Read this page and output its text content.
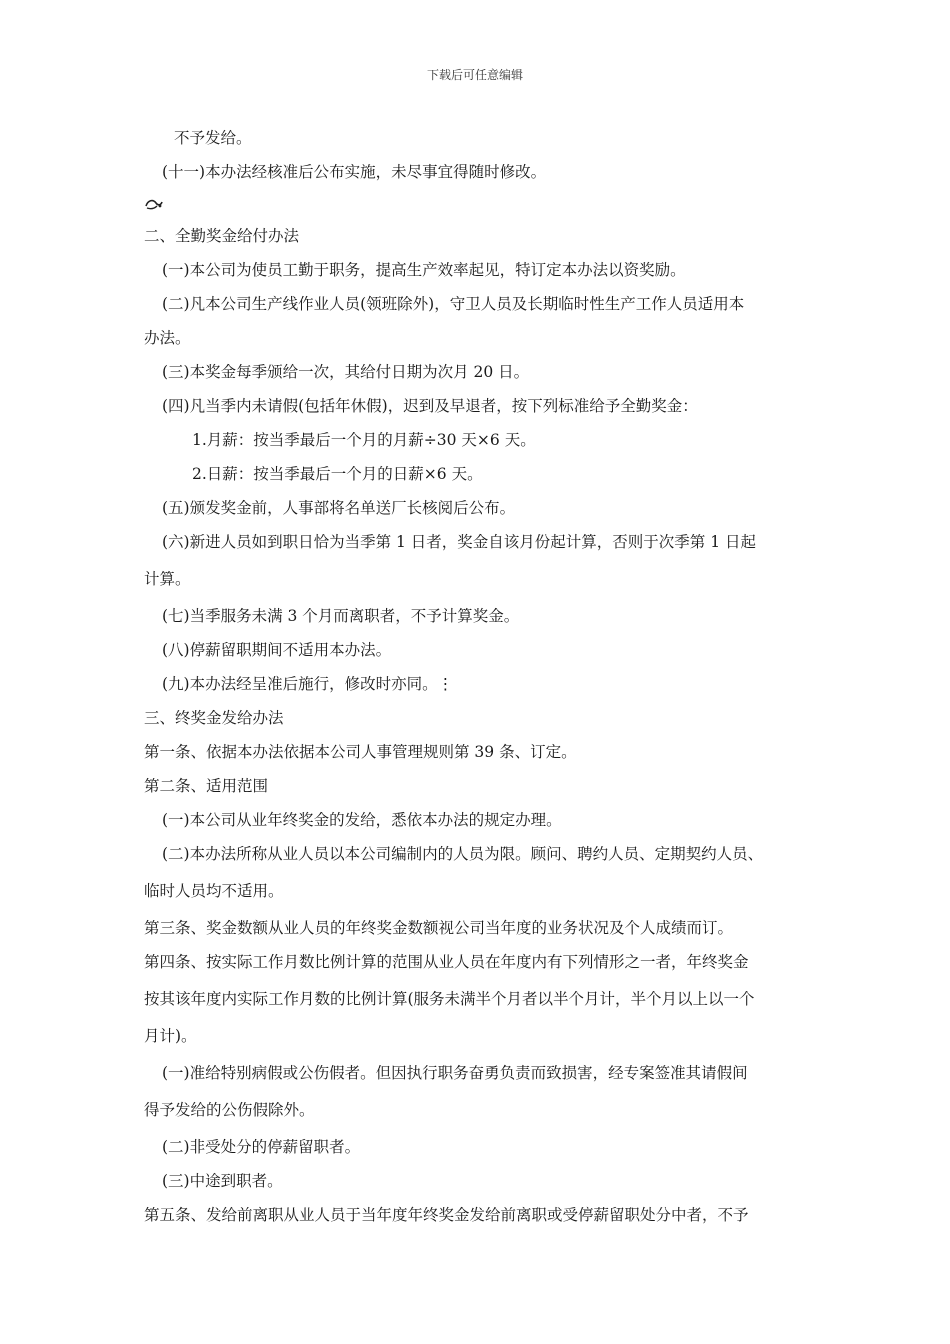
下载后可任意编辑
不予发给。
(十一)本办法经核准后公布实施，未尽事宜得随时修改。
二、全勤奖金给付办法
(一)本公司为使员工勤于职务，提高生产效率起见，特订定本办法以资奖励。
(二)凡本公司生产线作业人员(领班除外)，守卫人员及长期临时性生产工作人员适用本
办法。
(三)本奖金每季颁给一次，其给付日期为次月 20 日。
(四)凡当季内未请假(包括年休假)，迟到及早退者，按下列标准给予全勤奖金：
1.月薪：按当季最后一个月的月薪÷30 天×6 天。
2.日薪：按当季最后一个月的日薪×6 天。
(五)颁发奖金前，人事部将名单送厂长核阅后公布。
(六)新进人员如到职日恰为当季第 1 日者，奖金自该月份起计算，否则于次季第 1 日起
计算。
(七)当季服务未满 3 个月而离职者，不予计算奖金。
(八)停薪留职期间不适用本办法。
(九)本办法经呈准后施行，修改时亦同。⋮
三、终奖金发给办法
第一条、依据本办法依据本公司人事管理规则第 39 条、订定。
第二条、适用范围
(一)本公司从业年终奖金的发给，悉依本办法的规定办理。
(二)本办法所称从业人员以本公司编制内的人员为限。顾问、聘约人员、定期契约人员、
临时人员均不适用。
第三条、奖金数额从业人员的年终奖金数额视公司当年度的业务状况及个人成绩而订。
第四条、按实际工作月数比例计算的范围从业人员在年度内有下列情形之一者，年终奖金
按其该年度内实际工作月数的比例计算(服务未满半个月者以半个月计，半个月以上以一个
月计)。
(一)准给特别病假或公伤假者。但因执行职务奋勇负责而致损害，经专案签准其请假间
得予发给的公伤假除外。
(二)非受处分的停薪留职者。
(三)中途到职者。
第五条、发给前离职从业人员于当年度年终奖金发给前离职或受停薪留职处分中者，不予
